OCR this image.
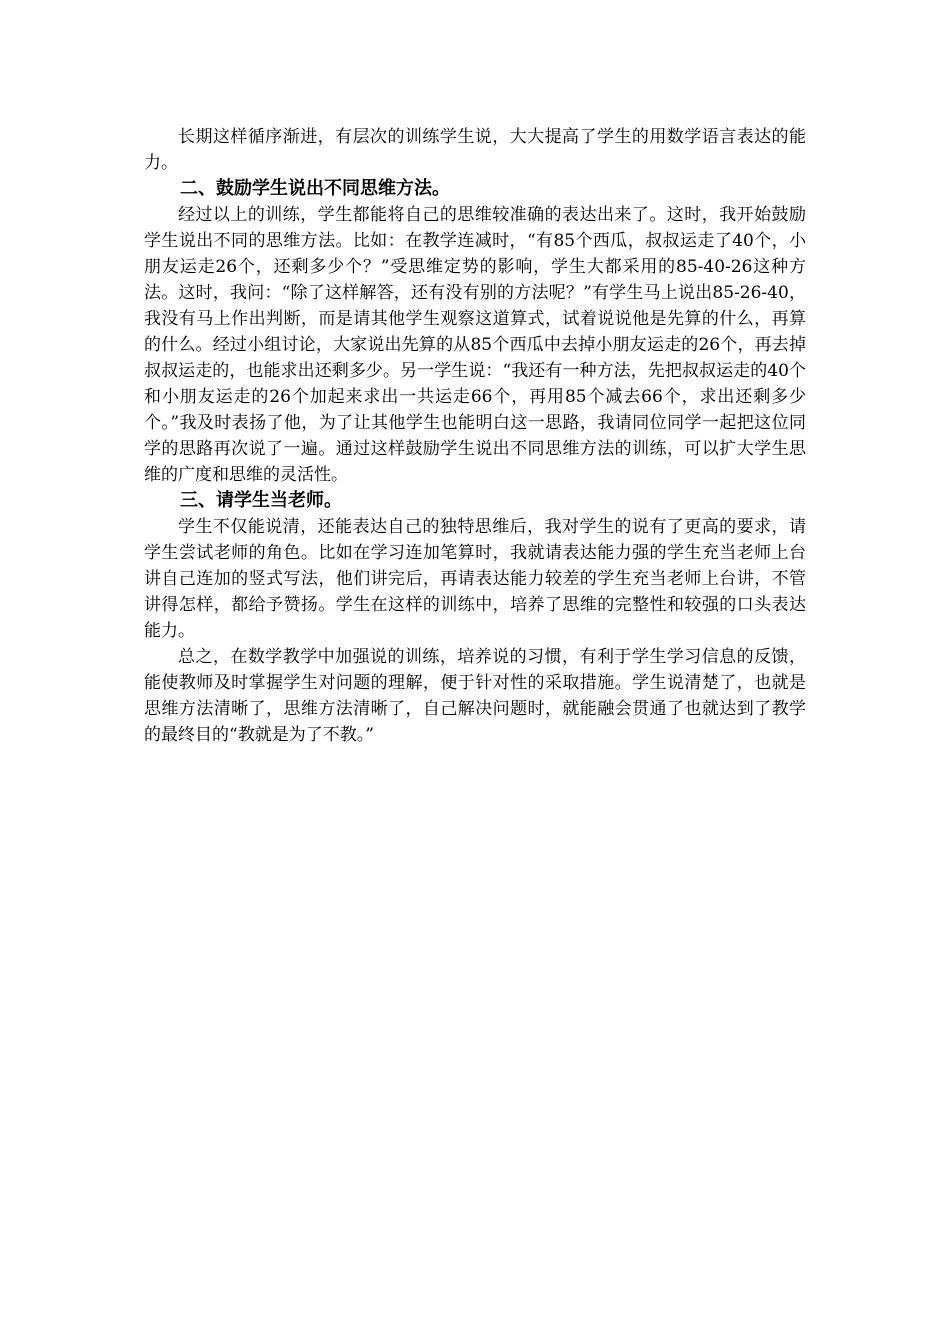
长期这样循序渐进，有层次的训练学生说，大大提高了学生的用数学语言表达的能力。

二、鼓励学生说出不同思维方法。

经过以上的训练，学生都能将自己的思维较准确的表达出来了。这时，我开始鼓励学生说出不同的思维方法。比如：在教学连减时，“有85个西瓜，叔叔运走了40个，小朋友运走26个，还剩多少个？”受思维定势的影响，学生大都采用的85-40-26这种方法。这时，我问：“除了这样解答，还有没有别的方法呢？”有学生马上说出85-26-40，我没有马上作出判断，而是请其他学生观察这道算式，试着说说他是先算的什么，再算的什么。经过小组讨论，大家说出先算的从85个西瓜中去掉小朋友运走的26个，再去掉叔叔运走的，也能求出还剩多少。另一学生说：“我还有一种方法，先把叔叔运走的40个和小朋友运走的26个加起来求出一共运走66个，再用85个减去66个，求出还剩多少个。”我及时表扬了他，为了让其他学生也能明白这一思路，我请同位同学一起把这位同学的思路再次说了一遍。通过这样鼓励学生说出不同思维方法的训练，可以扩大学生思维的广度和思维的灵活性。

三、请学生当老师。

学生不仅能说清，还能表达自己的独特思维后，我对学生的说有了更高的要求，请学生尝试老师的角色。比如在学习连加笔算时，我就请表达能力强的学生充当老师上台讲自己连加的竖式写法，他们讲完后，再请表达能力较差的学生充当老师上台讲，不管讲得怎样，都给予赞扬。学生在这样的训练中，培养了思维的完整性和较强的口头表达能力。

总之，在数学教学中加强说的训练，培养说的习惯，有利于学生学习信息的反馈，能使教师及时掌握学生对问题的理解，便于针对性的采取措施。学生说清楚了，也就是思维方法清晰了，思维方法清晰了，自己解决问题时，就能融会贯通了也就达到了教学的最终目的“教就是为了不教。”
